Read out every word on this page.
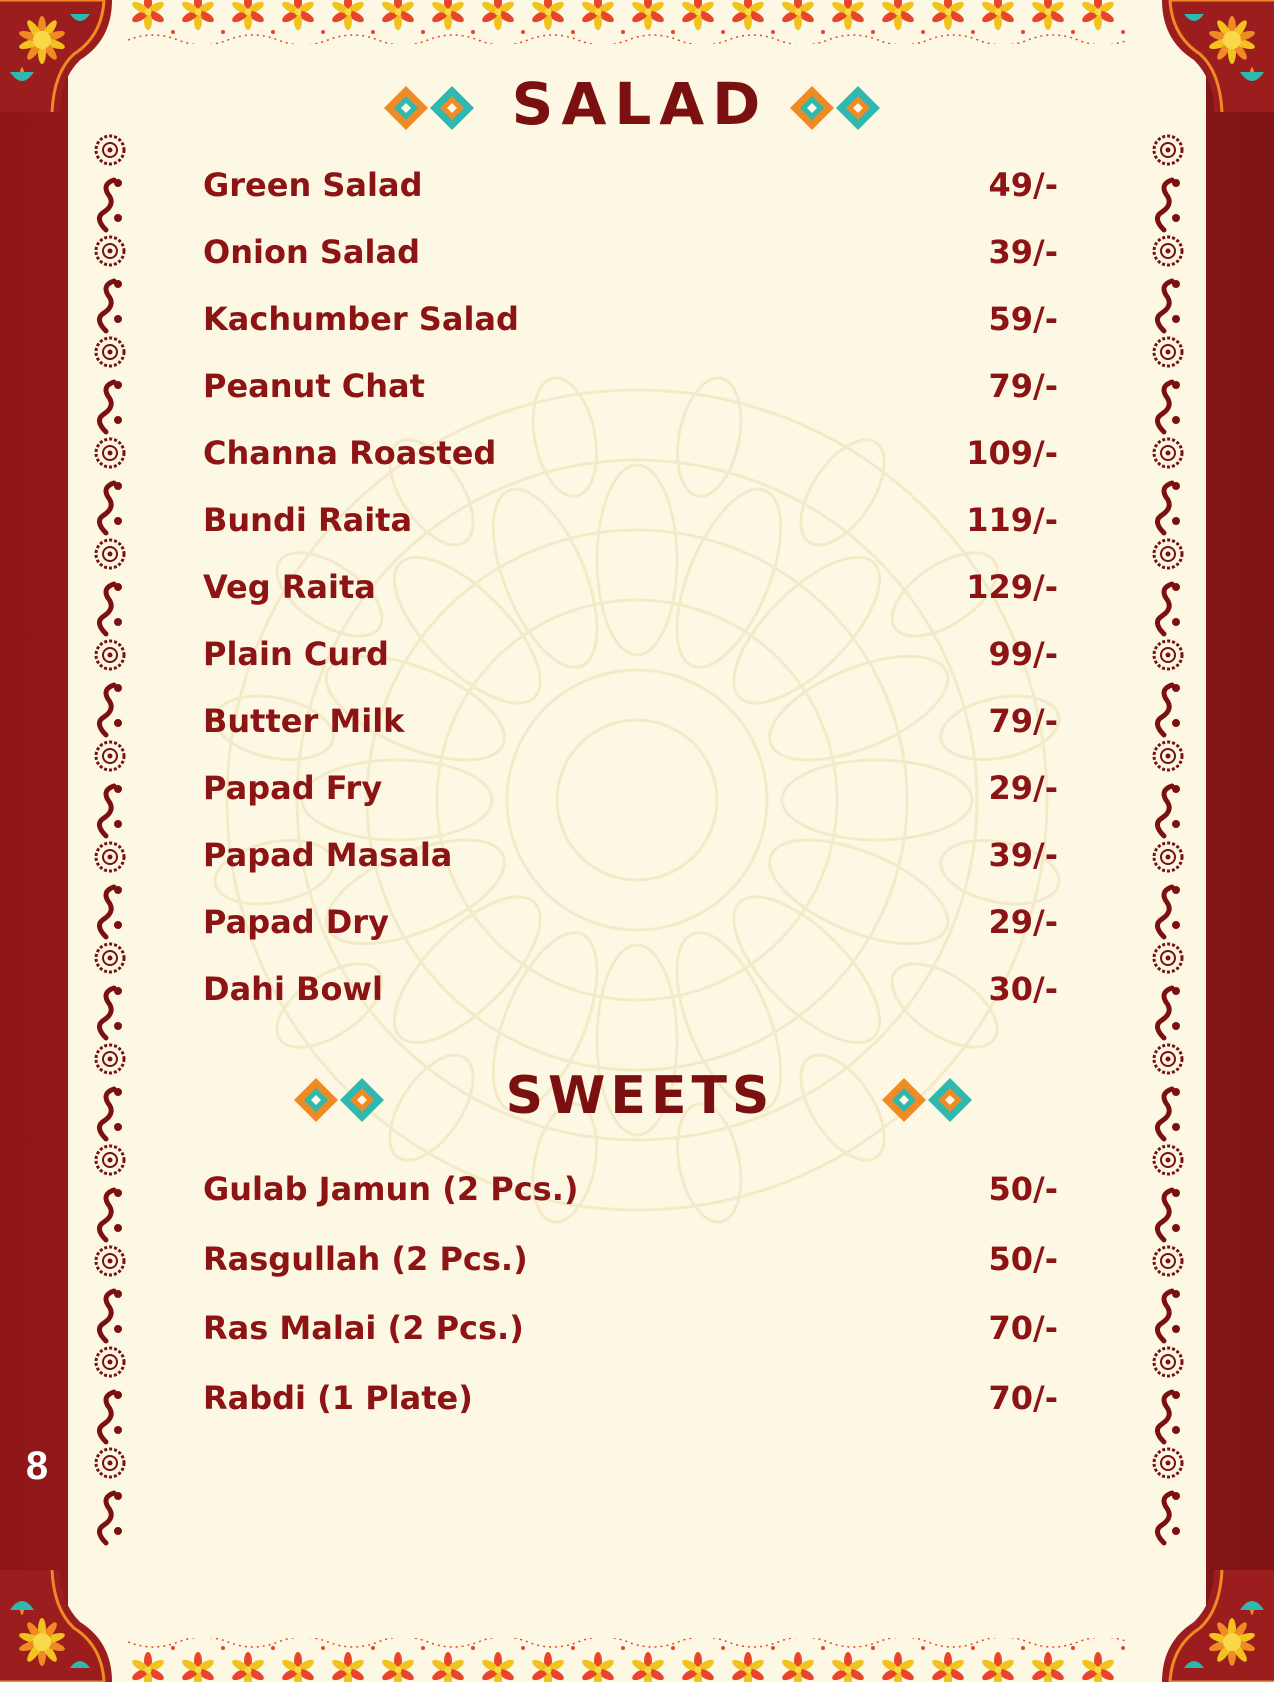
8
SALAD
SWEETS
Green Salad	49/-
Onion Salad	39/-
Kachumber Salad	59/-
Peanut Chat	79/-
Channa Roasted	109/-
Bundi Raita	119/-
Veg Raita	129/-
Plain Curd	99/-
Butter Milk	79/-
Papad Fry	29/-
Papad Masala	39/-
Papad Dry	29/-
Dahi Bowl	30/-
Gulab Jamun (2 Pcs.)	50/-
Rasgullah (2 Pcs.)	50/-
Ras Malai (2 Pcs.)	70/-
Rabdi (1 Plate)	70/-
